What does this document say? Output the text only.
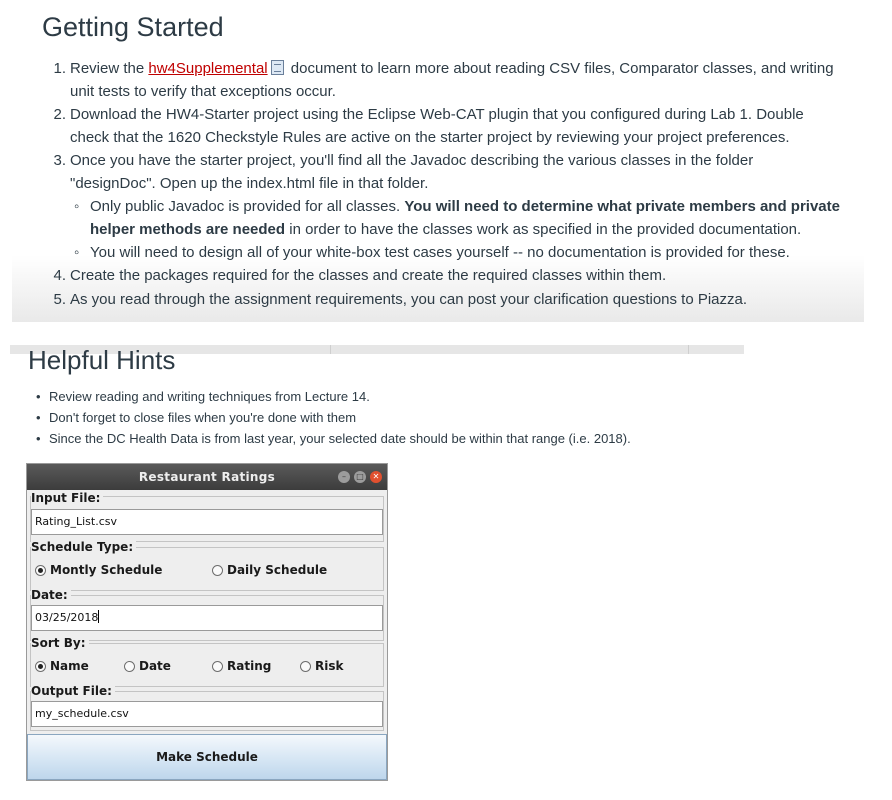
Getting Started
1. Review the hw4Supplemental document to learn more about reading CSV files, Comparator classes, and writing
unit tests to verify that exceptions occur.
2. Download the HW4-Starter project using the Eclipse Web-CAT plugin that you configured during Lab 1. Double
check that the 1620 Checkstyle Rules are active on the starter project by reviewing your project preferences.
3. Once you have the starter project, you'll find all the Javadoc describing the various classes in the folder
"designDoc". Open up the index.html file in that folder.
◦ Only public Javadoc is provided for all classes. You will need to determine what private members and private
helper methods are needed in order to have the classes work as specified in the provided documentation.
◦ You will need to design all of your white-box test cases yourself -- no documentation is provided for these.
4. Create the packages required for the classes and create the required classes within them.
5. As you read through the assignment requirements, you can post your clarification questions to Piazza.
Helpful Hints
• Review reading and writing techniques from Lecture 14.
• Don't forget to close files when you're done with them
• Since the DC Health Data is from last year, your selected date should be within that range (i.e. 2018).
Restaurant Ratings	–	□	✕
Input File:
Rating_List.csv
Schedule Type:
Montly Schedule	Daily Schedule
Date:
03/25/2018
Sort By:
Name	Date	Rating	Risk
Output File:
my_schedule.csv
Make Schedule
